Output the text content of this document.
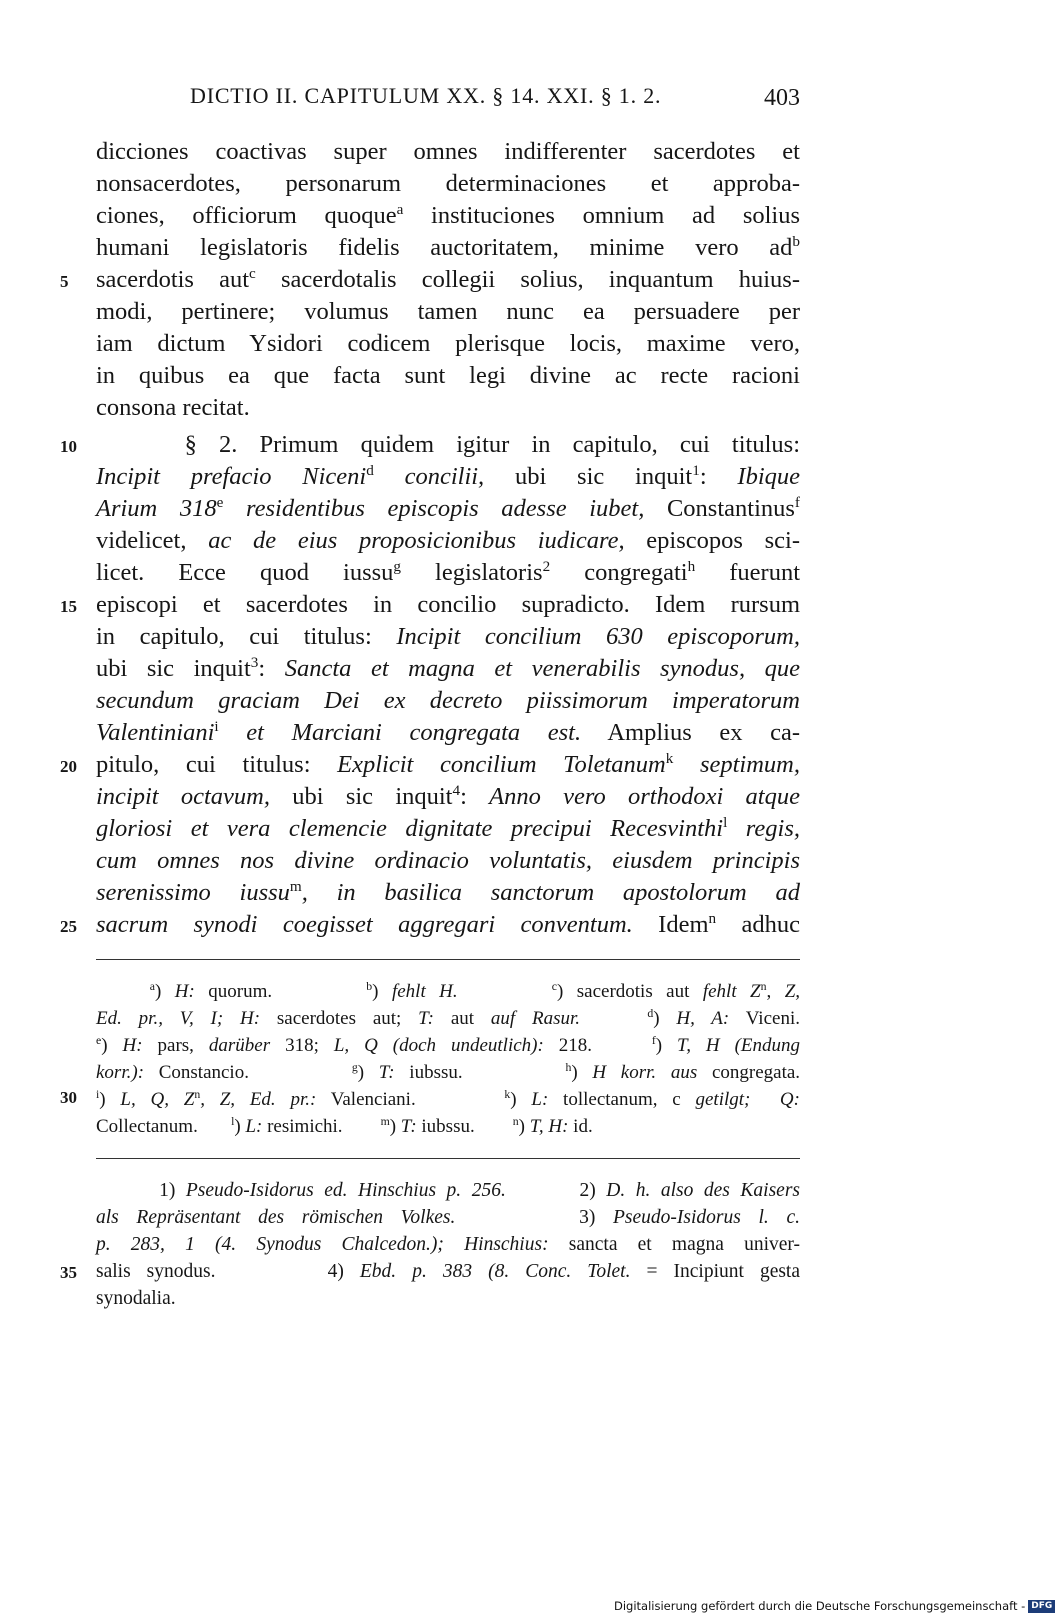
DICTIO II. CAPITULUM XX. § 14. XXI. § 1. 2.	403
dicciones coactivas super omnes indifferenter sacerdotes et
nonsacerdotes, personarum determinaciones et approba-
ciones, officiorum quoque$^a$ instituciones omnium ad solius
humani legislatoris fidelis auctoritatem, minime vero $ad^b$
sacerdotis aut$^c$ sacerdotalis collegii solius, inquantum huius-
modi, pertinere; volumus tamen nunc ea persuadere per
iam dictum Ysidori codicem plerisque locis, maxime vero,
in quibus ea que facta sunt legi divine ac recte racioni
consona recitat.
§ 2. Primum quidem igitur in capitulo, cui titulus:
Incipit prefacio Niceni$^d$ concilii, ubi sic inquit$^1$: Ibique
Arium 318e residentibus episcopis adesse iubet, Constantinus$^f$
videlicet, ac de eius proposicionibus iudicare, episcopos sci-
licet. Ecce quod iussu$^g$ legislatoris$^2$ congregati$^h$ fuerunt
episcopi et sacerdotes in concilio supradicto. Idem rursum
in capitulo, cui titulus: Incipit concilium 630 episcoporum,
ubi sic inquit$^3$: Sancta et magna et venerabilis synodus, que
secundum graciam Dei ex decreto piissimorum imperatorum
Valentiniani$^i$ et Marciani congregata est. Amplius ex ca-
pitulo, cui titulus: Explicit concilium Toletanum$^k$ septimum,
incipit octavum, ubi sic inquit$^4$: Anno vero orthodoxi atque
gloriosi et vera clemencie dignitate precipui Recesvinthi$^l$ regis,
cum omnes nos divine ordinacio voluntatis, eiusdem principis
serenissimo iussu$^m$, in basilica sanctorum apostolorum ad
sacrum synodi coegisset aggregari conventum. Idem$^n$ adhuc
5
10
15
20
25
30
35
$^a$) H: quorum.       $^b$) fehlt H.	$^c$) sacerdotis aut fehlt $Z^n$, Z,
Ed. pr., V, I; H: sacerdotes aut; T: aut auf Rasur.	$^d$) H, A: Viceni.
$^e$) H: pars, darüber 318; L, Q (doch undeutlich): 218.    $^f$) T, H (Endung
korr.): Constancio.       $^g$) T: iubssu.       $^h$) H korr. aus congregata.
$^i$) L, Q, $Z^n$, Z, Ed. pr.: Valenciani.      $^k$) L: tollectanum, c getilgt;  Q:
Collectanum.       $^l$) L: resimichi.        $^m$) T: iubssu.        $^n$) T, H: id.
1) Pseudo-Isidorus ed. Hinschius p. 256.       2) D. h. also des Kaisers
als Repräsentant des römischen Volkes.       3) Pseudo-Isidorus l. c.
p. 283, 1 (4. Synodus Chalcedon.); Hinschius: sancta et magna univer-
salis synodus.       4) Ebd. p. 383 (8. Conc. Tolet. = Incipiunt gesta
synodalia.
Digitalisierung gefördert durch die Deutsche Forschungsgemeinschaft - DFG
